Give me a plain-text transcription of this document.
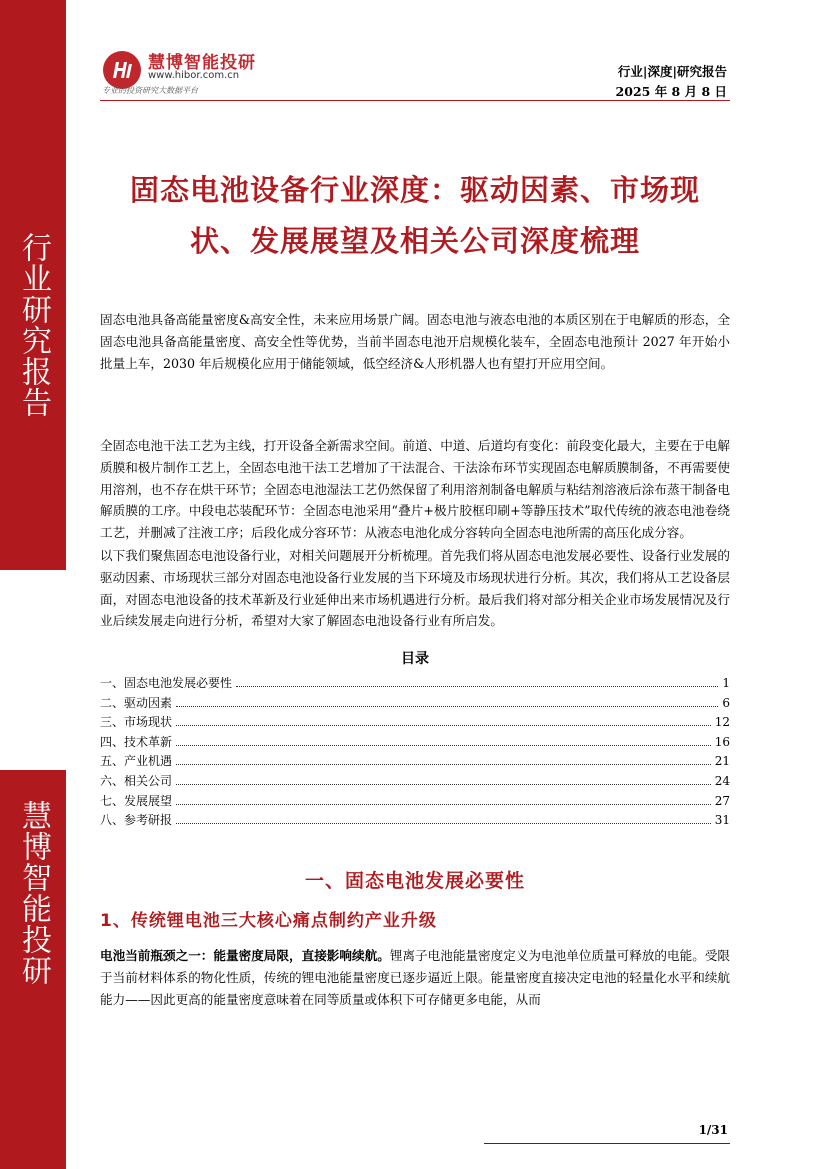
行业研究报告
慧博智能投研
慧博智能投研
www.hibor.com.cn
专业的投资研究大数据平台
行业|深度|研究报告
2025 年 8 月 8 日
固态电池设备行业深度：驱动因素、市场现
状、发展展望及相关公司深度梳理
固态电池具备高能量密度&高安全性，未来应用场景广阔。固态电池与液态电池的本质区别在于电解质的形态，全固态电池具备高能量密度、高安全性等优势，当前半固态电池开启规模化装车，全固态电池预计 2027 年开始小批量上车，2030 年后规模化应用于储能领域，低空经济&人形机器人也有望打开应用空间。
全固态电池干法工艺为主线，打开设备全新需求空间。前道、中道、后道均有变化：前段变化最大，主要在于电解质膜和极片制作工艺上，全固态电池干法工艺增加了干法混合、干法涂布环节实现固态电解质膜制备，不再需要使用溶剂，也不存在烘干环节；全固态电池湿法工艺仍然保留了利用溶剂制备电解质与粘结剂溶液后涂布蒸干制备电解质膜的工序。中段电芯装配环节：全固态电池采用“叠片+极片胶框印刷+等静压技术”取代传统的液态电池卷绕工艺，并删减了注液工序；后段化成分容环节：从液态电池化成分容转向全固态电池所需的高压化成分容。
以下我们聚焦固态电池设备行业，对相关问题展开分析梳理。首先我们将从固态电池发展必要性、设备行业发展的驱动因素、市场现状三部分对固态电池设备行业发展的当下环境及市场现状进行分析。其次，我们将从工艺设备层面，对固态电池设备的技术革新及行业延伸出来市场机遇进行分析。最后我们将对部分相关企业市场发展情况及行业后续发展走向进行分析，希望对大家了解固态电池设备行业有所启发。
目录
一、固态电池发展必要性	1
二、驱动因素	6
三、市场现状	12
四、技术革新	16
五、产业机遇	21
六、相关公司	24
七、发展展望	27
八、参考研报	31
一、固态电池发展必要性
1、传统锂电池三大核心痛点制约产业升级
电池当前瓶颈之一：能量密度局限，直接影响续航。锂离子电池能量密度定义为电池单位质量可释放的电能。受限于当前材料体系的物化性质，传统的锂电池能量密度已逐步逼近上限。能量密度直接决定电池的轻量化水平和续航能力——因此更高的能量密度意味着在同等质量或体积下可存储更多电能，从而
1/31
